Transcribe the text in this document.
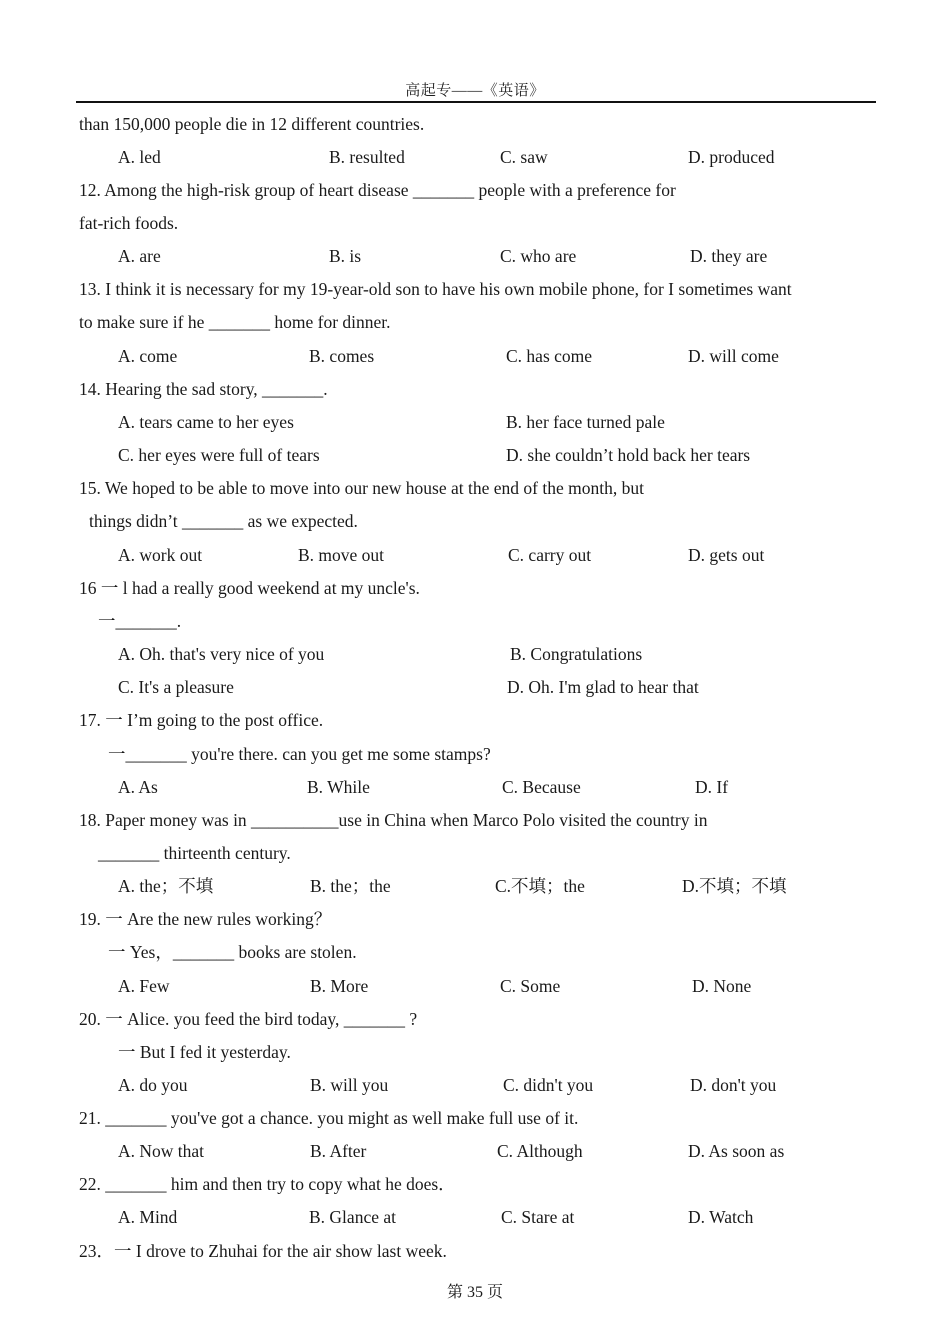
高起专——《英语》
than 150,000 people die in 12 different countries.
A. led	B. resulted	C. saw	D. produced
12. Among the high-risk group of heart disease _______ people with a preference for
fat-rich foods.
A. are	B. is	C. who are	D. they are
13. I think it is necessary for my 19-year-old son to have his own mobile phone, for I sometimes want
to make sure if he _______ home for dinner.
A. come	B. comes	C. has come	D. will come
14. Hearing the sad story, _______.
A. tears came to her eyes	B. her face turned pale
C. her eyes were full of tears	D. she couldn’t hold back her tears
15. We hoped to be able to move into our new house at the end of the month, but
things didn’t _______ as we expected.
A. work out	B. move out	C. carry out	D. gets out
16 一 l had a really good weekend at my uncle's.
一_______.
A. Oh. that's very nice of you	B. Congratulations
C. It's a pleasure	D. Oh. I'm glad to hear that
17. 一 I’m going to the post office.
一_______ you're there. can you get me some stamps?
A. As	B. While	C. Because	D. If
18. Paper money was in __________use in China when Marco Polo visited the country in
_______ thirteenth century.
A. the；不填	B. the；the	C.不填；the	D.不填；不填
19. 一 Are the new rules working？
一 Yes，_______ books are stolen.
A. Few	B. More	C. Some	D. None
20. 一 Alice. you feed the bird today, _______ ?
一 But I fed it yesterday.
A. do you	B. will you	C. didn't you	D. don't you
21. _______ you've got a chance. you might as well make full use of it.
A. Now that	B. After	C. Although	D. As soon as
22. _______ him and then try to copy what he does．
A. Mind	B. Glance at	C. Stare at	D. Watch
23．一 I drove to Zhuhai for the air show last week.
第 35 页
